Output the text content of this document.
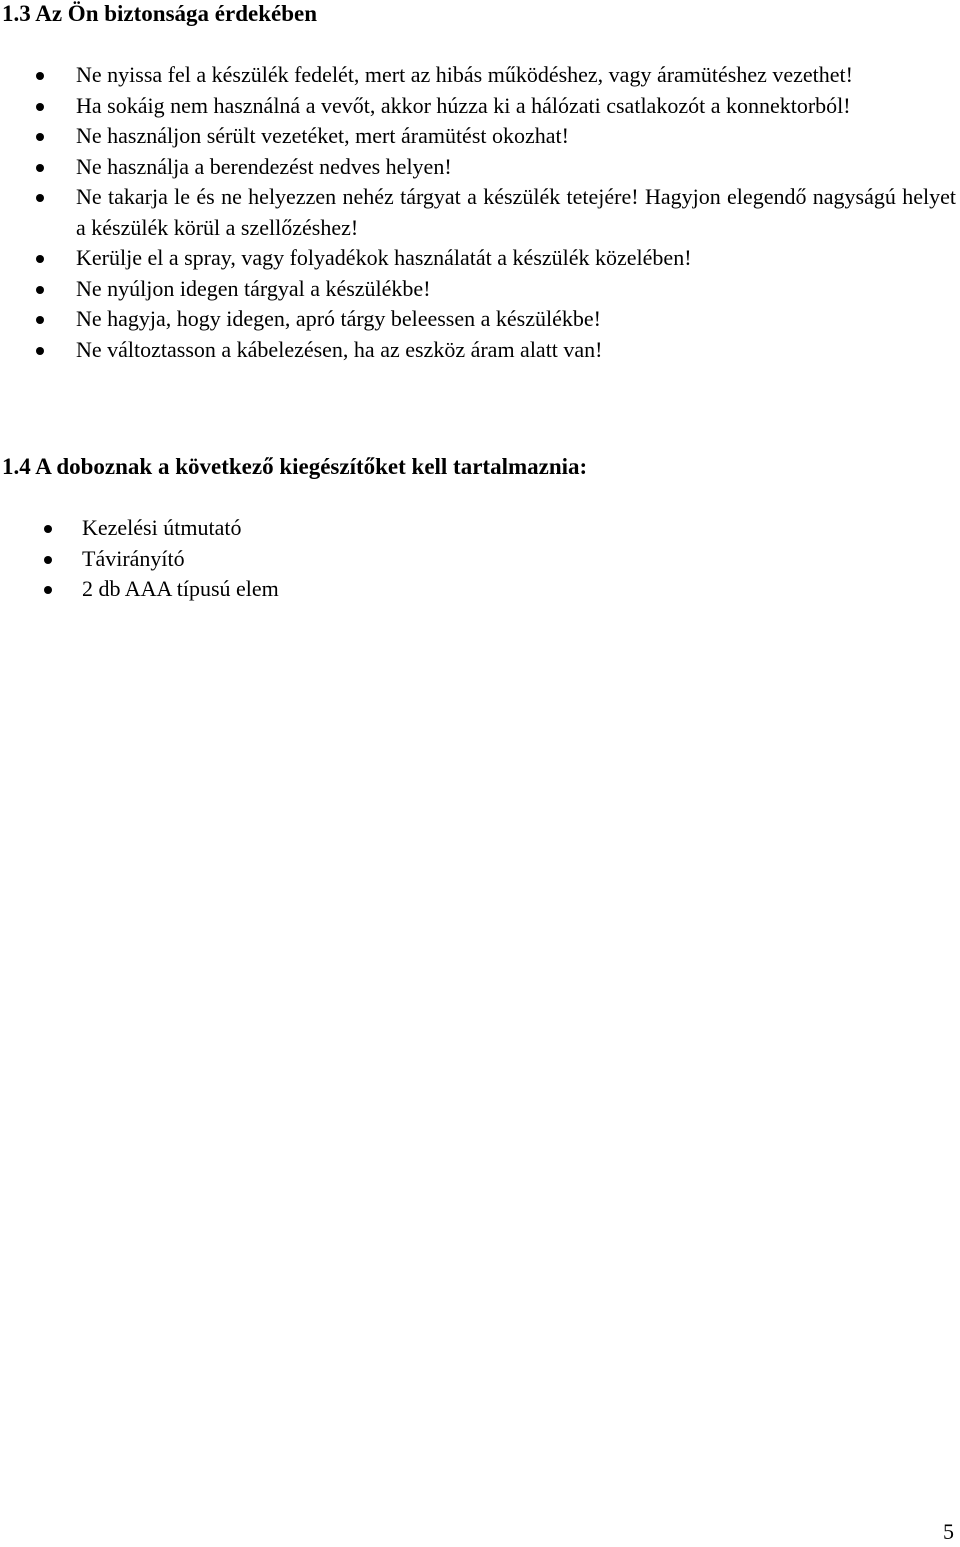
1.3 Az Ön biztonsága érdekében
Ne nyissa fel a készülék fedelét, mert az hibás működéshez, vagy áramütéshez vezethet!
Ha sokáig nem használná a vevőt, akkor húzza ki a hálózati csatlakozót a konnektorból!
Ne használjon sérült vezetéket, mert áramütést okozhat!
Ne használja a berendezést nedves helyen!
Ne takarja le és ne helyezzen nehéz tárgyat a készülék tetejére! Hagyjon elegendő nagyságú helyet a készülék körül a szellőzéshez!
Kerülje el a spray, vagy folyadékok használatát a készülék közelében!
Ne nyúljon idegen tárgyal a készülékbe!
Ne hagyja, hogy idegen, apró tárgy beleessen a készülékbe!
Ne változtasson a kábelezésen, ha az eszköz áram alatt van!
1.4 A doboznak a következő kiegészítőket kell tartalmaznia:
Kezelési útmutató
Távirányító
2 db AAA típusú elem
5
